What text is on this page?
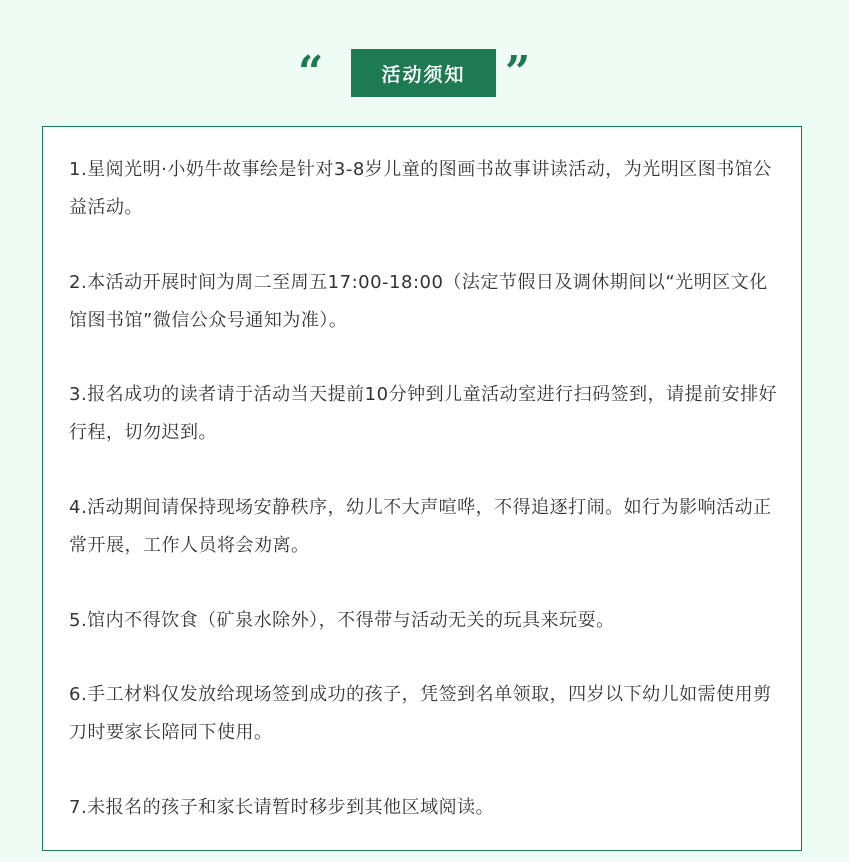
“	活动须知 ”
1.星阅光明·小奶牛故事绘是针对3-8岁儿童的图画书故事讲读活动，为光明区图书馆公益活动。
2.本活动开展时间为周二至周五17:00-18:00（法定节假日及调休期间以“光明区文化馆图书馆”微信公众号通知为准）。
3.报名成功的读者请于活动当天提前10分钟到儿童活动室进行扫码签到，请提前安排好行程，切勿迟到。
4.活动期间请保持现场安静秩序，幼儿不大声喧哗，不得追逐打闹。如行为影响活动正常开展，工作人员将会劝离。
5.馆内不得饮食（矿泉水除外），不得带与活动无关的玩具来玩耍。
6.手工材料仅发放给现场签到成功的孩子，凭签到名单领取，四岁以下幼儿如需使用剪刀时要家长陪同下使用。
7.未报名的孩子和家长请暂时移步到其他区域阅读。
